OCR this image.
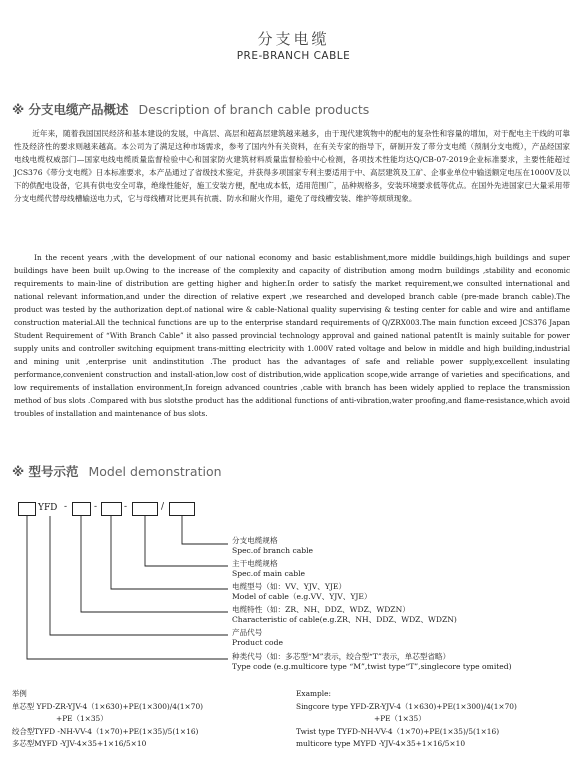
分支电缆
PRE-BRANCH CABLE
※ 分支电缆产品概述 Description of branch cable products
近年来，随着我国国民经济和基本建设的发展，中高层、高层和超高层建筑越来越多，由于现代建筑物中的配电的复杂性和容量的增加，对于配电主干线的可靠性及经济性的要求则越来越高。本公司为了满足这种市场需求，参考了国内外有关资料，在有关专家的指导下，研制开发了带分支电缆（预制分支电缆），产品经国家电线电缆权威部门—国家电线电缆质量监督检验中心和国家防火建筑材料质量监督检验中心检测，各项技术性能均达Q/CB-07-2019企业标准要求，主要性能超过JCS376《带分支电缆》日本标准要求，本产品通过了省级技术鉴定，并获得多项国家专利主要适用于中、高层建筑及工矿、企事业单位中输送额定电压在1000V及以下的供配电设备，它具有供电安全可靠，绝缘性能好，施工安装方便，配电成本低，适用范围广，品种规格多，安装环境要求低等优点。在国外先进国家已大量采用带分支电缆代替母线槽输送电力式，它与母线槽对比更具有抗震、防水和耐火作用，避免了母线槽安装、维护等烦琐现象。
In the recent years ,with the development of our national economy and basic establishment,more middle buildings,high buildings and super buildings have been built up.Owing to the increase of the complexity and capacity of distribution among modrn buildings ,stability and economic requirements to main-line of distribution are getting higher and higher.In order to satisfy the market requirement,we consulted international and national relevant information,and under the direction of relative expert ,we researched and developed branch cable (pre-made branch cable).The product was tested by the authorization dept.of national wire & cable-National quality supervising & testing center for cable and wire and antiflame construction material.All the technical functions are up to the enterprise standard requirements of Q/ZRX003.The main function exceed JCS376 Japan Student Requirement of “With Branch Cable” it also passed provincial technology approval and gained national patentIt is mainly suitable for power supply units and controller switching equipment trans-mitting electricity with 1.000V rated voltage and below in middle and high building,industrial and mining unit ,enterprise unit andinstitution .The product has the advantages of safe and reliable power supply,excellent insulating performance,convenient construction and install-ation,low cost of distribution,wide application scope,wide arrange of varieties and specifications, and low requirements of installation environment,In foreign advanced countries ,cable with branch has been widely applied to replace the transmission method of bus slots .Compared with bus slotsthe product has the additional functions of anti-vibration,water proofing,and flame-resistance,which avoid troubles of installation and maintenance of bus slots.
※ 型号示范 Model demonstration
YFD -	-	-	/
分支电缆规格
Spec.of branch cable
主干电缆规格
Spec.of main cable
电缆型号（如：VV、YJV、YJE）
Model of cable（e.g.VV、YJV、YJE）
电缆特性（如：ZR、NH、DDZ、WDZ、WDZN）
Characteristic of cable(e.g.ZR、NH、DDZ、WDZ、WDZN)
产品代号
Product code
种类代号（如：多芯型“M”表示，绞合型“T”表示，单芯型省略）
Type code (e.g.multicore type “M”,twist type“T”,singlecore type omited)
举例
单芯型 YFD-ZR-YJV-4（1×630)+PE(1×300)/4(1×70)
+PE（1×35）
绞合型TYFD -NH-VV-4（1×70)+PE(1×35)/5(1×16)
多芯型MYFD -YJV-4×35+1×16/5×10
Example:
Singcore type YFD-ZR-YJV-4（1×630)+PE(1×300)/4(1×70)
+PE（1×35）
Twist type TYFD-NH-VV-4（1×70)+PE(1×35)/5(1×16)
multicore type MYFD -YJV-4×35+1×16/5×10
